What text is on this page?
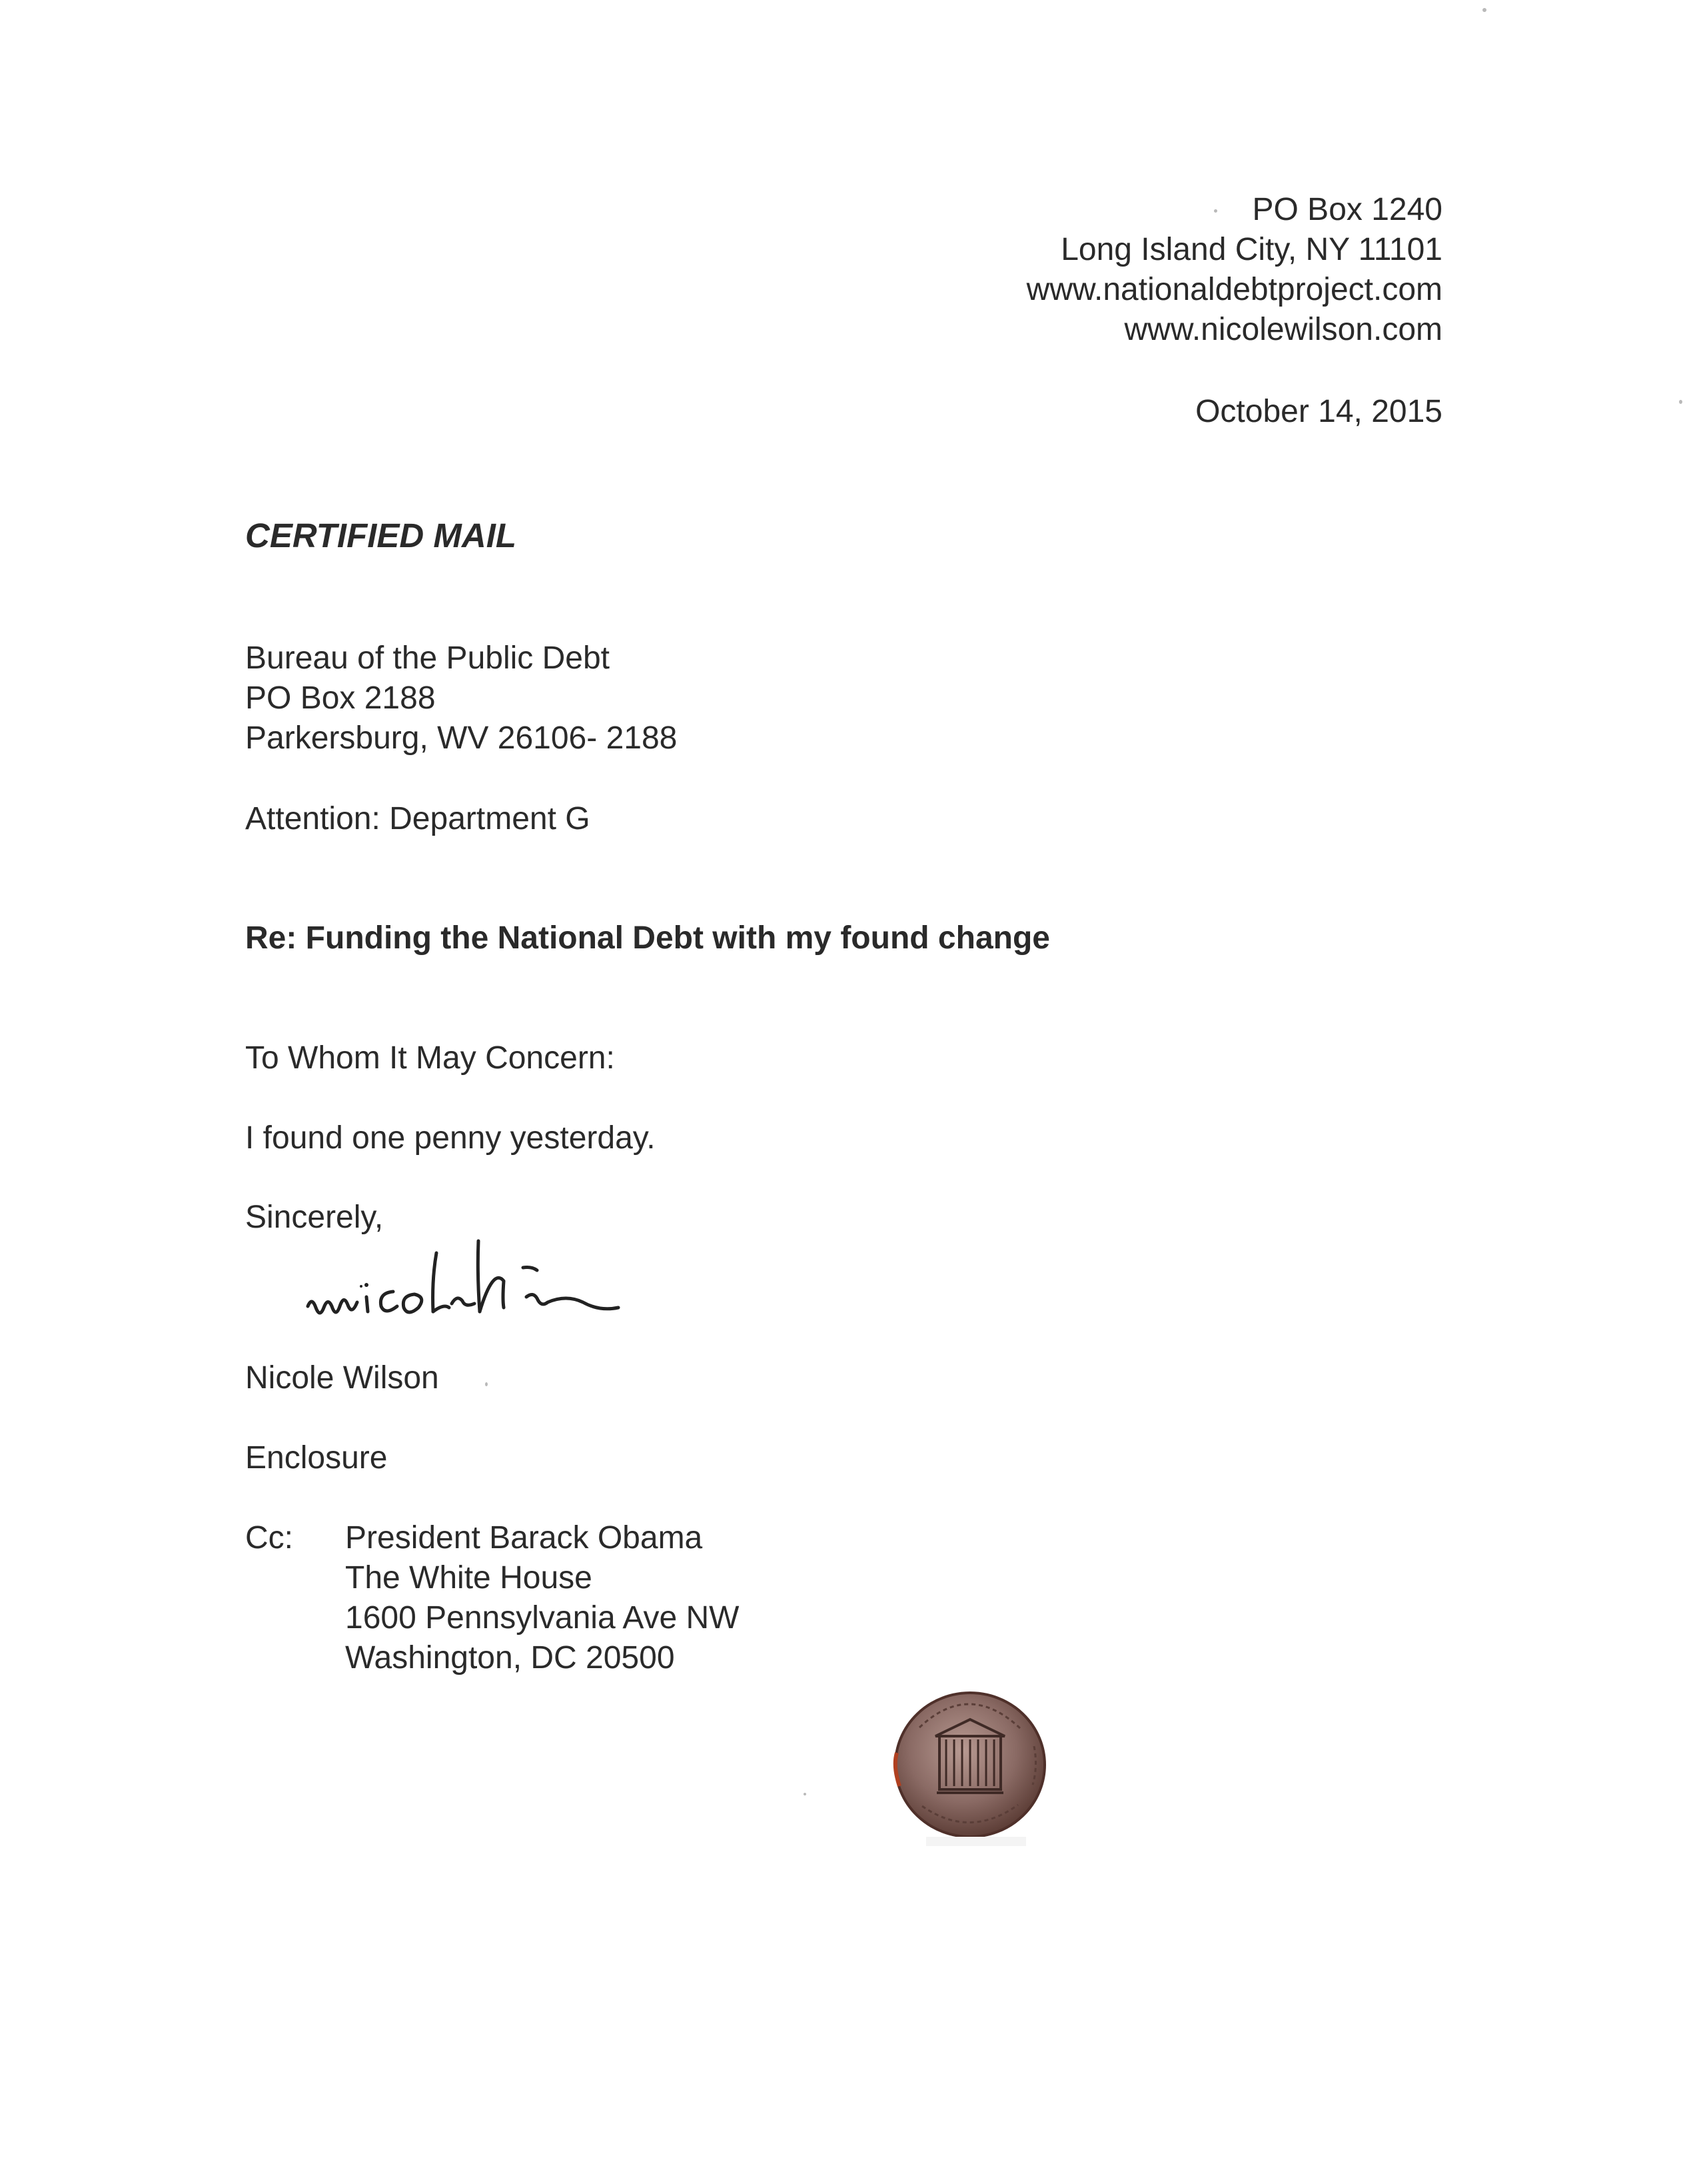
PO Box 1240
Long Island City, NY 11101
www.nationaldebtproject.com
www.nicolewilson.com
October 14, 2015
CERTIFIED MAIL
Bureau of the Public Debt
PO Box 2188
Parkersburg, WV 26106- 2188
Attention: Department G
Re: Funding the National Debt with my found change
To Whom It May Concern:
I found one penny yesterday.
Sincerely,
Nicole Wilson
Enclosure
Cc: President Barack Obama
The White House
1600 Pennsylvania Ave NW
Washington, DC 20500
